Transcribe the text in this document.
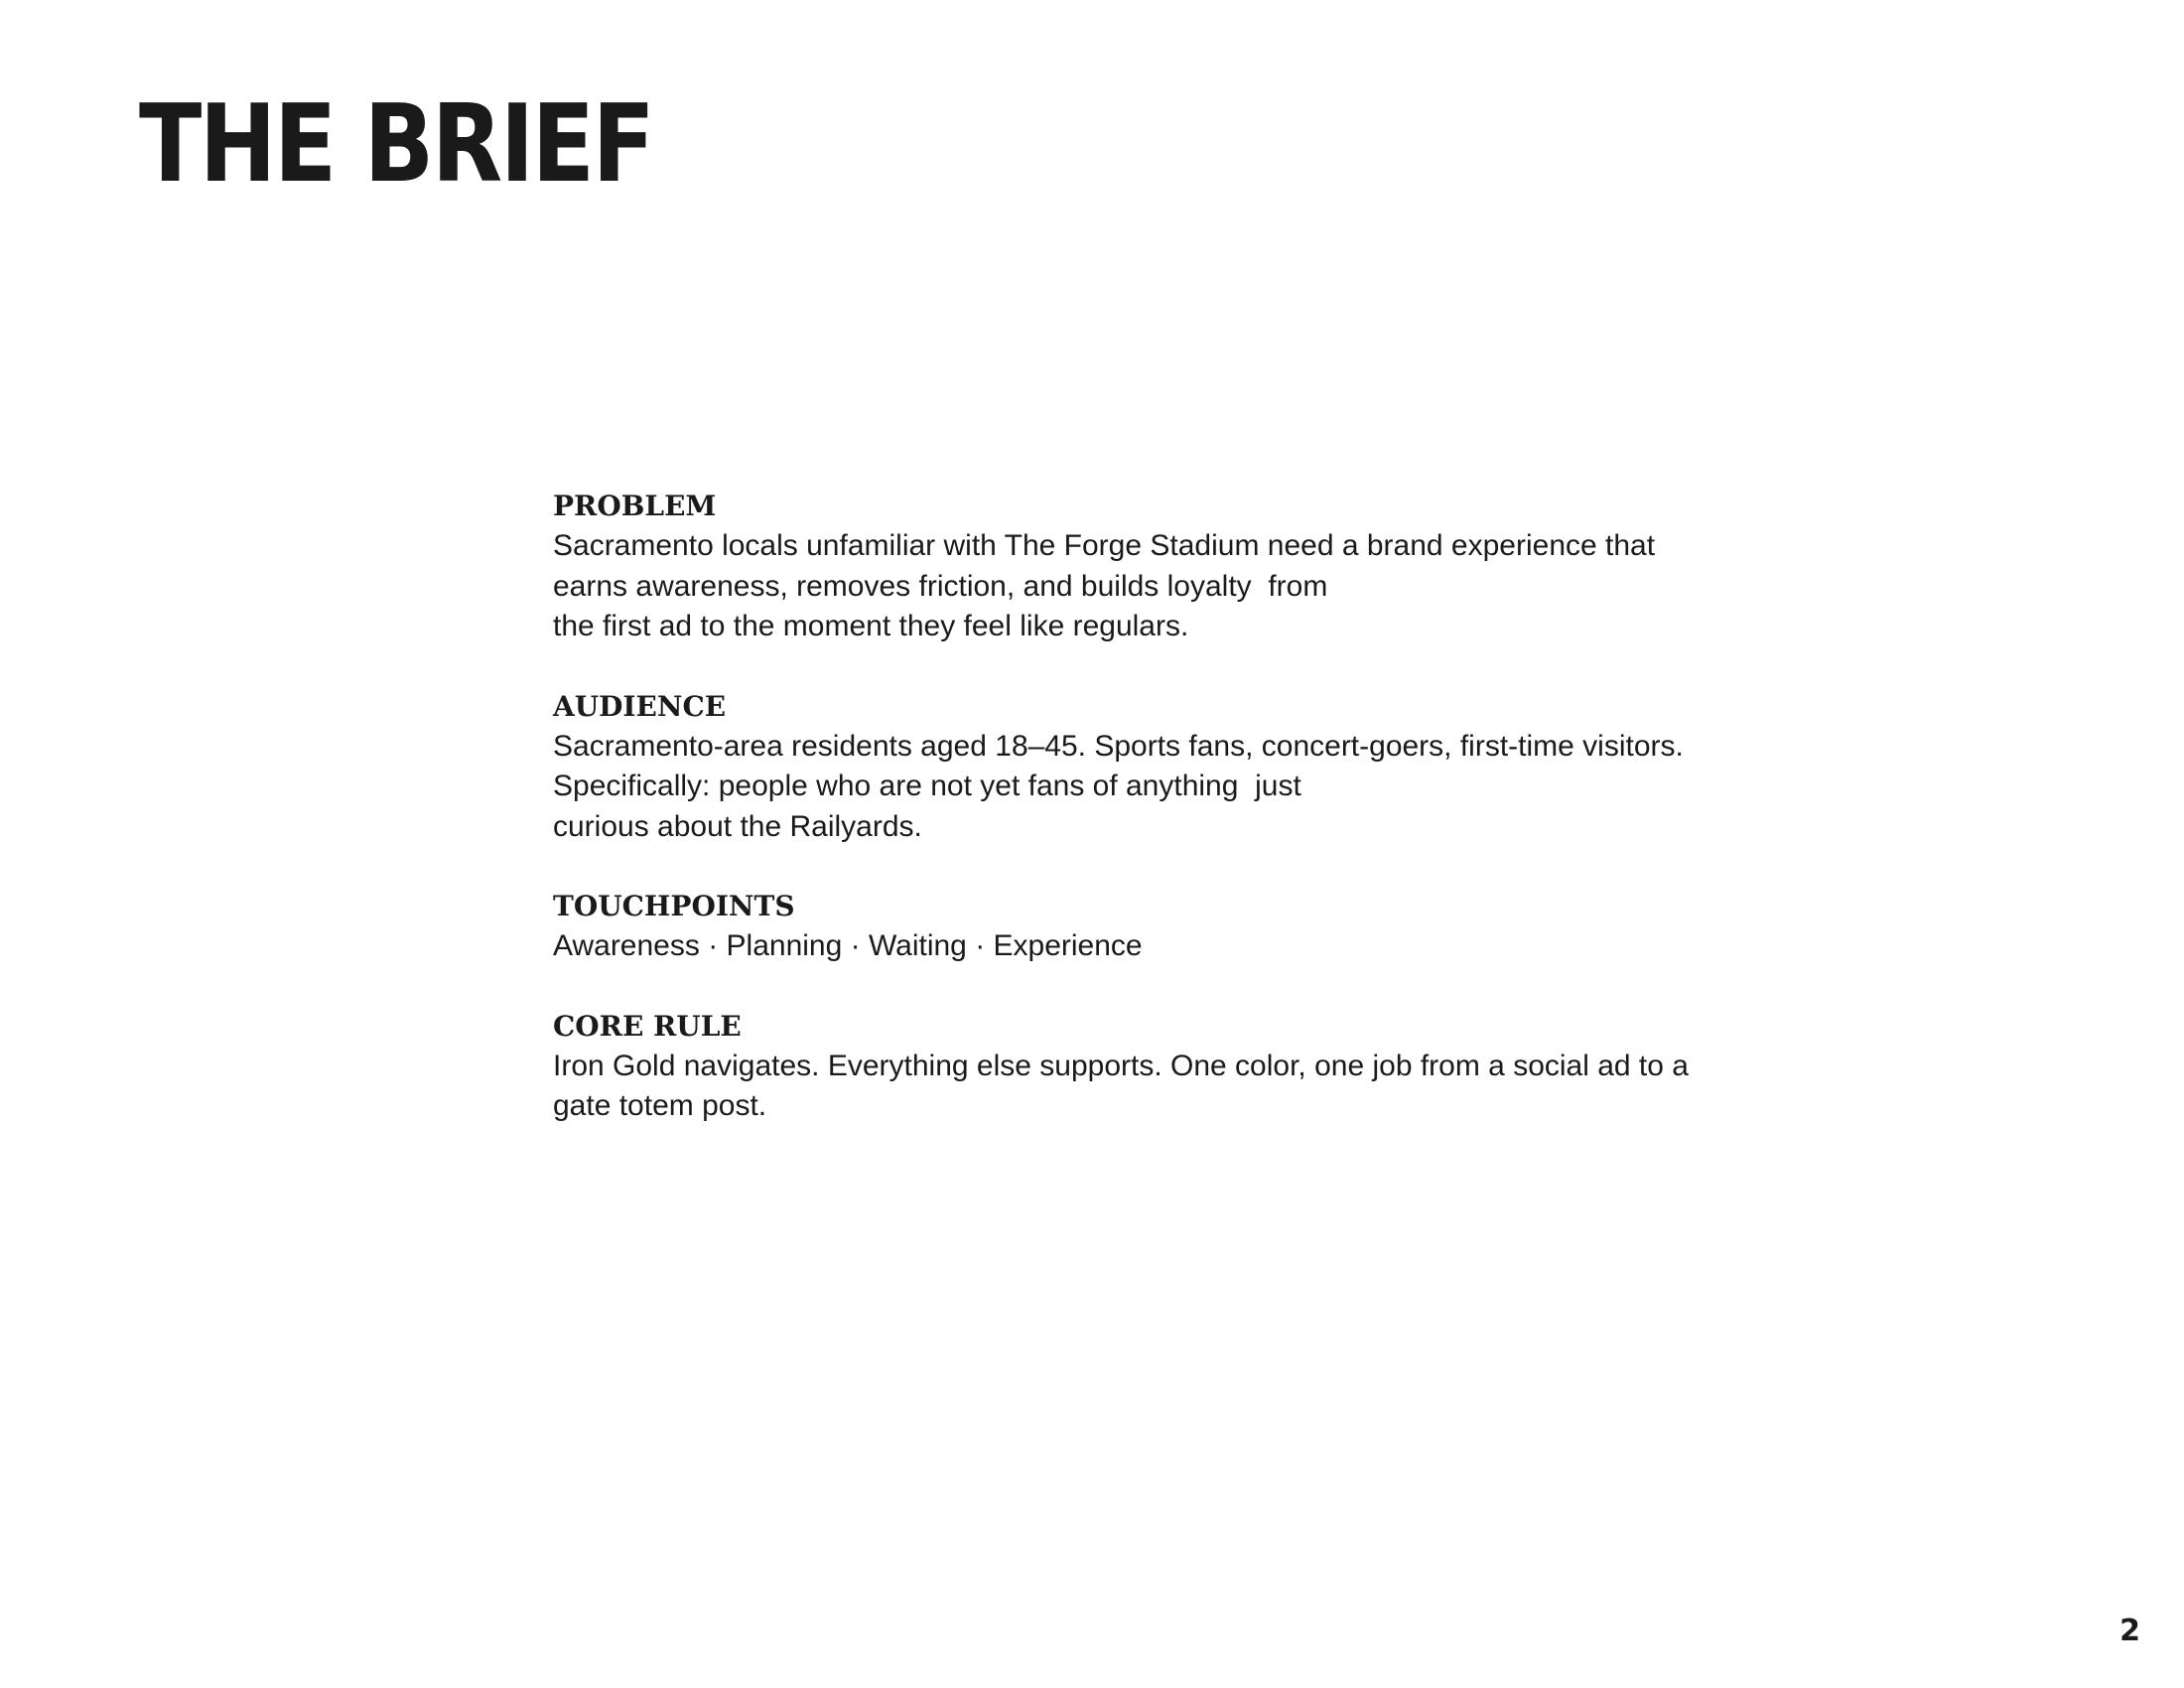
THE BRIEF
PROBLEM

Sacramento locals unfamiliar with The Forge Stadium need a brand experience that

earns awareness, removes friction, and builds loyalty  from

the first ad to the moment they feel like regulars.

AUDIENCE

Sacramento-area residents aged 18–45. Sports fans, concert-goers, first-time visitors.

Specifically: people who are not yet fans of anything  just

curious about the Railyards.

TOUCHPOINTS

Awareness · Planning · Waiting · Experience

CORE RULE

Iron Gold navigates. Everything else supports. One color, one job from a social ad to a

gate totem post.

2
